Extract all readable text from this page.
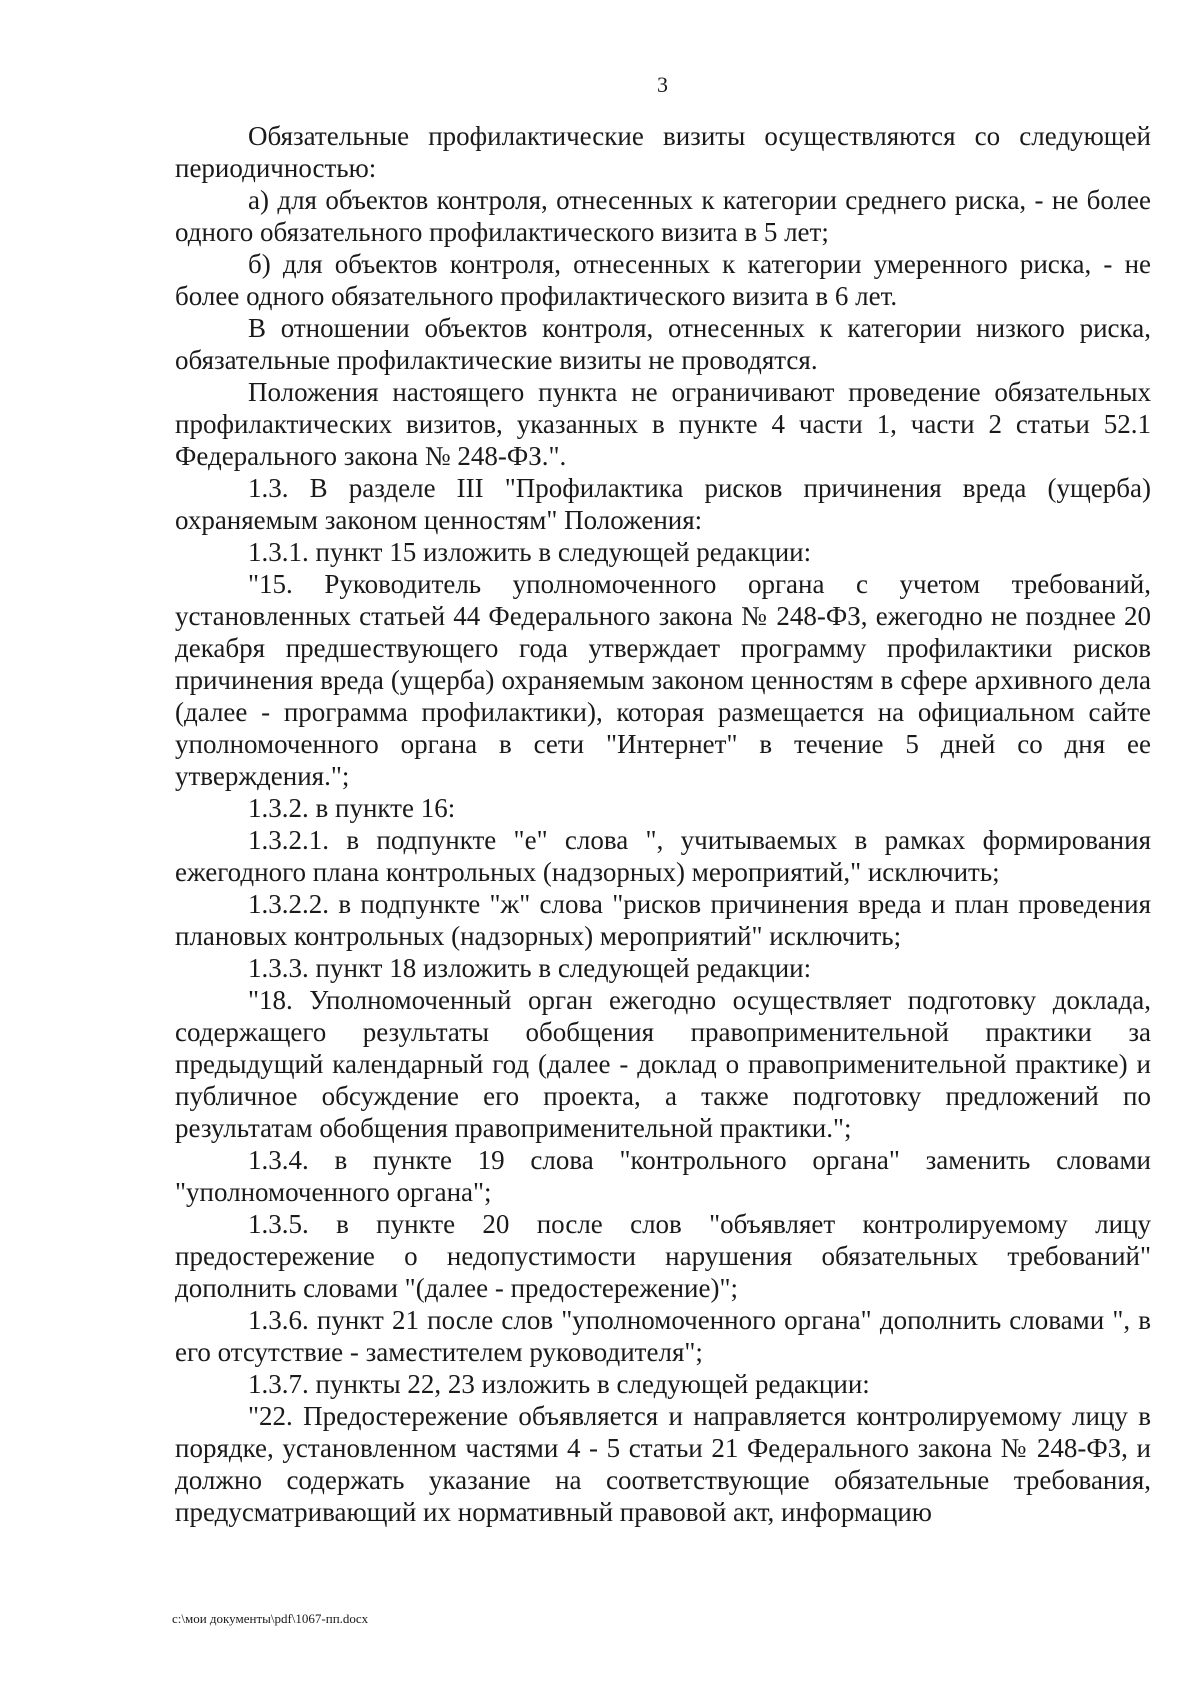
3

Обязательные профилактические визиты осуществляются со следующей периодичностью:

а) для объектов контроля, отнесенных к категории среднего риска, - не более одного обязательного профилактического визита в 5 лет;

б) для объектов контроля, отнесенных к категории умеренного риска, - не более одного обязательного профилактического визита в 6 лет.

В отношении объектов контроля, отнесенных к категории низкого риска, обязательные профилактические визиты не проводятся.

Положения настоящего пункта не ограничивают проведение обязательных профилактических визитов, указанных в пункте 4 части 1, части 2 статьи 52.1 Федерального закона № 248-ФЗ.".

1.3. В разделе III "Профилактика рисков причинения вреда (ущерба) охраняемым законом ценностям" Положения:

1.3.1. пункт 15 изложить в следующей редакции:

"15. Руководитель уполномоченного органа с учетом требований, установленных статьей 44 Федерального закона № 248-ФЗ, ежегодно не позднее 20 декабря предшествующего года утверждает программу профилактики рисков причинения вреда (ущерба) охраняемым законом ценностям в сфере архивного дела (далее - программа профилактики), которая размещается на официальном сайте уполномоченного органа в сети "Интернет" в течение 5 дней со дня ее утверждения.";

1.3.2. в пункте 16:

1.3.2.1. в подпункте "е" слова ", учитываемых в рамках формирования ежегодного плана контрольных (надзорных) мероприятий," исключить;

1.3.2.2. в подпункте "ж" слова "рисков причинения вреда и план проведения плановых контрольных (надзорных) мероприятий" исключить;

1.3.3. пункт 18 изложить в следующей редакции:

"18. Уполномоченный орган ежегодно осуществляет подготовку доклада, содержащего результаты обобщения правоприменительной практики за предыдущий календарный год (далее - доклад о правоприменительной практике) и публичное обсуждение его проекта, а также подготовку предложений по результатам обобщения правоприменительной практики.";

1.3.4. в пункте 19 слова "контрольного органа" заменить словами "уполномоченного органа";

1.3.5. в пункте 20 после слов "объявляет контролируемому лицу предостережение о недопустимости нарушения обязательных требований" дополнить словами "(далее - предостережение)";

1.3.6. пункт 21 после слов "уполномоченного органа" дополнить словами ", в его отсутствие - заместителем руководителя";

1.3.7. пункты 22, 23 изложить в следующей редакции:

"22. Предостережение объявляется и направляется контролируемому лицу в порядке, установленном частями 4 - 5 статьи 21 Федерального закона № 248-ФЗ, и должно содержать указание на соответствующие обязательные требования, предусматривающий их нормативный правовой акт, информацию

c:\мои документы\pdf\1067-пп.docx
